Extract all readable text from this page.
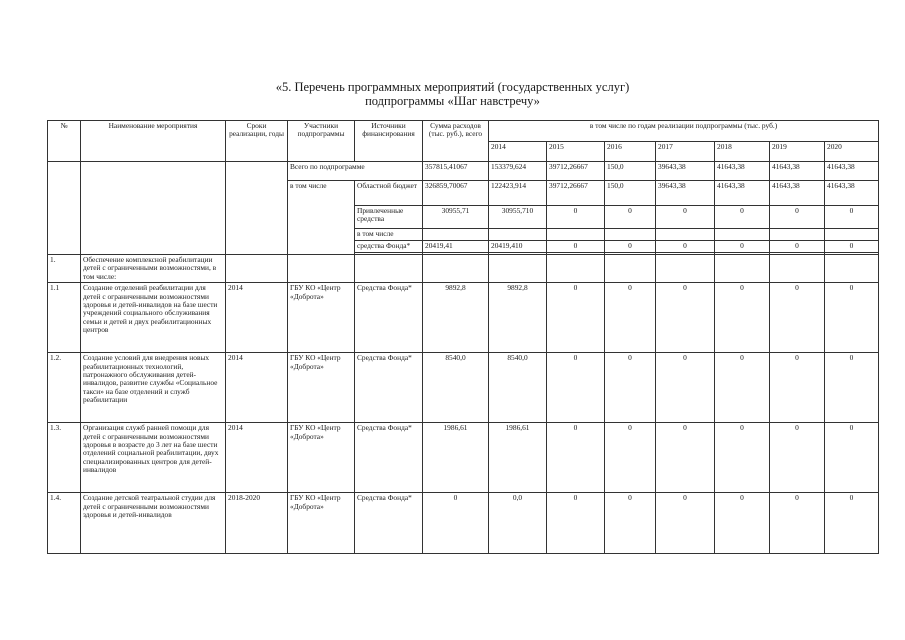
«5. Перечень программных мероприятий (государственных услуг)
подпрограммы «Шаг навстречу»
№	Наименование мероприятия	Сроки реализации, годы	Участники подпрограммы	Источники финансирования	Сумма расходов (тыс. руб.), всего	в том числе по годам реализации подпрограммы (тыс. руб.)						
						2014	2015	2016	2017	2018	2019	2020
			Всего по подпрограмме		357815,41067	153379,624	39712,26667	150,0	39643,38	41643,38	41643,38	41643,38
			в том числе	Областной бюджет	326859,70067	122423,914	39712,26667	150,0	39643,38	41643,38	41643,38	41643,38
				Привлеченные средства	30955,71	30955,710	0	0	0	0	0	0
				в том числе								
				средства Фонда*	20419,41	20419,410	0	0	0	0	0	0

1.	Обеспечение комплексной реабилитации детей с ограниченными возможностями, в том числе:											
1.1	Создание отделений реабилитации для детей с ограниченными возможностями здоровья и детей-инвалидов на базе шести учреждений социального обслуживания семьи и детей и двух реабилитационных центров	2014	ГБУ КО «Центр «Доброта»	Средства Фонда*	9892,8	9892,8	0	0	0	0	0	0
1.2.	Создание условий для внедрения новых реабилитационных технологий, патронажного обслуживания детей-инвалидов, развитие службы «Социальное такси» на базе отделений и служб реабилитации	2014	ГБУ КО «Центр «Доброта»	Средства Фонда*	8540,0	8540,0	0	0	0	0	0	0
1.3.	Организация служб ранней помощи для детей с ограниченными возможностями здоровья в возрасте до 3 лет на базе шести отделений социальной реабилитации, двух специализированных центров для детей-инвалидов	2014	ГБУ КО «Центр «Доброта»	Средства Фонда*	1986,61	1986,61	0	0	0	0	0	0
1.4.	Создание детской театральной студии для детей с ограниченными возможностями здоровья и детей-инвалидов	2018-2020	ГБУ КО «Центр «Доброта»	Средства Фонда*	0	0,0	0	0	0	0	0	0
